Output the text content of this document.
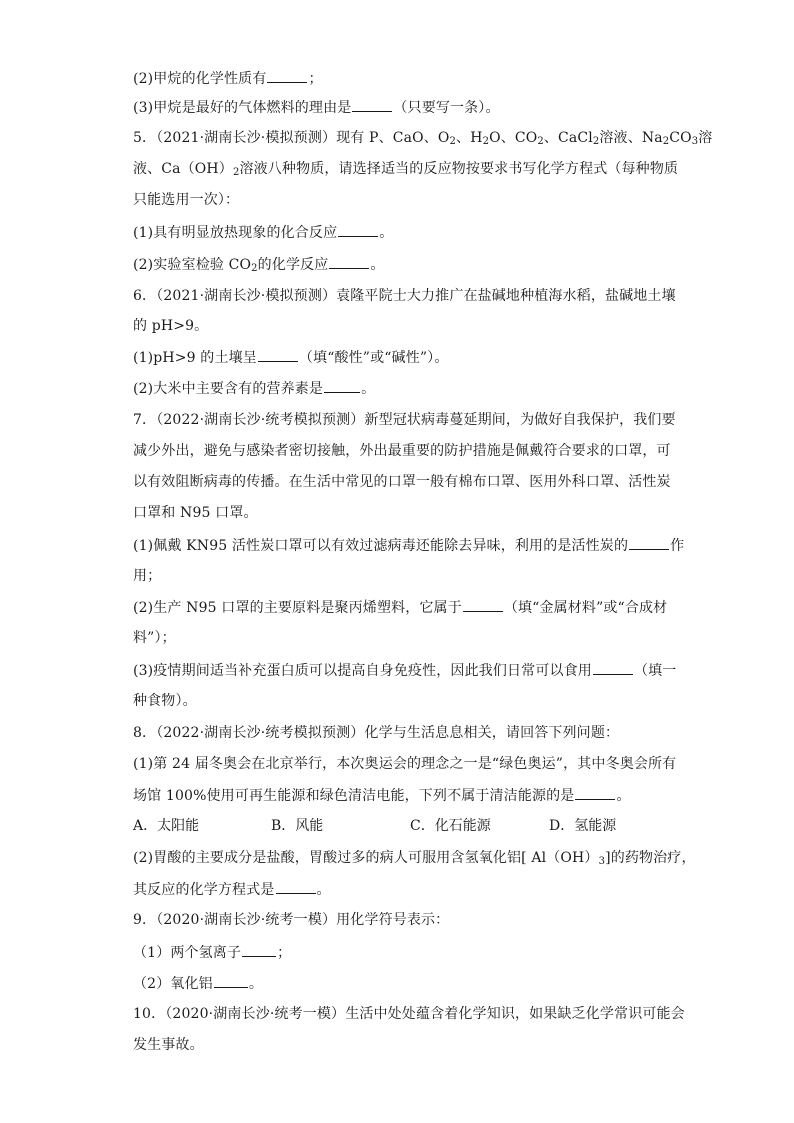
(2)甲烷的化学性质有	；
(3)甲烷是最好的气体燃料的理由是	（只要写一条）。
5．（2021·湖南长沙·模拟预测）现有 P、CaO、$O_2$、$H_2O$、$CO_2$、CaCl$_2$溶液、$Na_2CO_3$溶
液、$Ca(OH)_2$溶液八种物质，请选择适当的反应物按要求书写化学方程式（每种物质
只能选用一次）：
(1)具有明显放热现象的化合反应	。
(2)实验室检验 $CO_2$的化学反应	。
6．（2021·湖南长沙·模拟预测）袁隆平院士大力推广在盐碱地种植海水稻，盐碱地土壤
的 pH>9。
(1)pH>9 的土壤呈	（填“酸性”或“碱性”）。
(2)大米中主要含有的营养素是	。
7．（2022·湖南长沙·统考模拟预测）新型冠状病毒蔓延期间，为做好自我保护，我们要
减少外出，避免与感染者密切接触，外出最重要的防护措施是佩戴符合要求的口罩，可
以有效阻断病毒的传播。在生活中常见的口罩一般有棉布口罩、医用外科口罩、活性炭
口罩和 N95 口罩。
(1)佩戴 KN95 活性炭口罩可以有效过滤病毒还能除去异味，利用的是活性炭的	作
用；
(2)生产 N95 口罩的主要原料是聚丙烯塑料，它属于	（填“金属材料”或“合成材
料”）；
(3)疫情期间适当补充蛋白质可以提高自身免疫性，因此我们日常可以食用	（填一
种食物）。
8．（2022·湖南长沙·统考模拟预测）化学与生活息息相关，请回答下列问题：
(1)第 24 届冬奥会在北京举行，本次奥运会的理念之一是“绿色奥运”，其中冬奥会所有
场馆 100%使用可再生能源和绿色清洁电能，下列不属于清洁能源的是	。
A．太阳能	B．风能	C．化石能源	D．氢能源
(2)胃酸的主要成分是盐酸，胃酸过多的病人可服用含氢氧化铝[ $Al(OH)_3$]的药物治疗，
其反应的化学方程式是	。
9．（2020·湖南长沙·统考一模）用化学符号表示：
（1）两个氢离子	；
（2）氧化铝	。
10．（2020·湖南长沙·统考一模）生活中处处蕴含着化学知识，如果缺乏化学常识可能会
发生事故。
